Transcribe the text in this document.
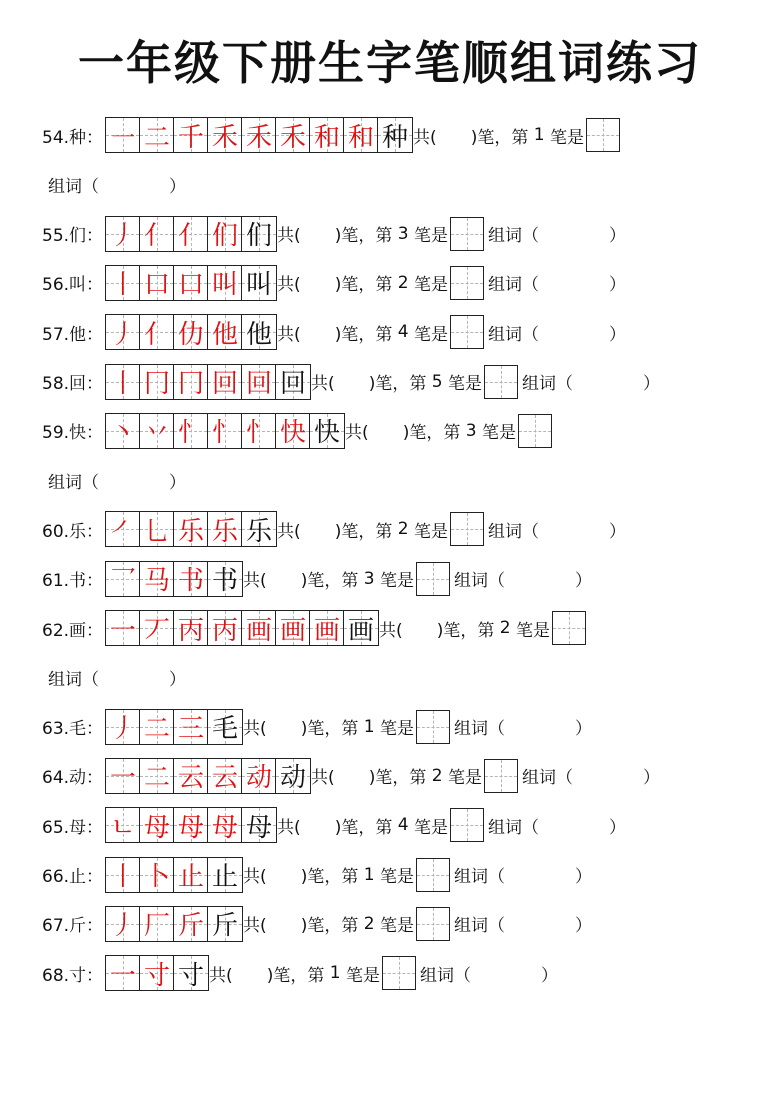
一年级下册生字笔顺组词练习
54.种： ㇐ 二 千 禾 禾 禾 和 和 种 共( )笔，第 1 笔是
组词（	）
55.们： 丿 亻 亻 们 们 共( )笔，第 3 笔是 组词（	）
56.叫： 丨 口 口 叫 叫 共( )笔，第 2 笔是 组词（	）
57.他： 丿 亻 仂 他 他 共( )笔，第 4 笔是 组词（	）
58.回： 丨 冂 冂 回 回 回 共( )笔，第 5 笔是 组词（	）
59.快： 丶 丷 忄 忄 忄 快 快 共( )笔，第 3 笔是
组词（	）
60.乐： ㇒ 乚 乐 乐 乐 共( )笔，第 2 笔是 组词（	）
61.书： 乛 马 书 书 共( )笔，第 3 笔是 组词（	）
62.画： 一 丆 丙 丙 画 画 画 画 共( )笔，第 2 笔是
组词（	）
63.毛： 丿 二 三 毛 共( )笔，第 1 笔是 组词（	）
64.动： 一 二 云 云 动 动 共( )笔，第 2 笔是 组词（	）
65.母： ㄴ 母 母 母 母 共( )笔，第 4 笔是 组词（	）
66.止： 丨 卜 止 止 共( )笔，第 1 笔是 组词（	）
67.斤： 丿 厂 斤 斤 共( )笔，第 2 笔是 组词（	）
68.寸： 一 寸 寸 共( )笔，第 1 笔是 组词（	）
